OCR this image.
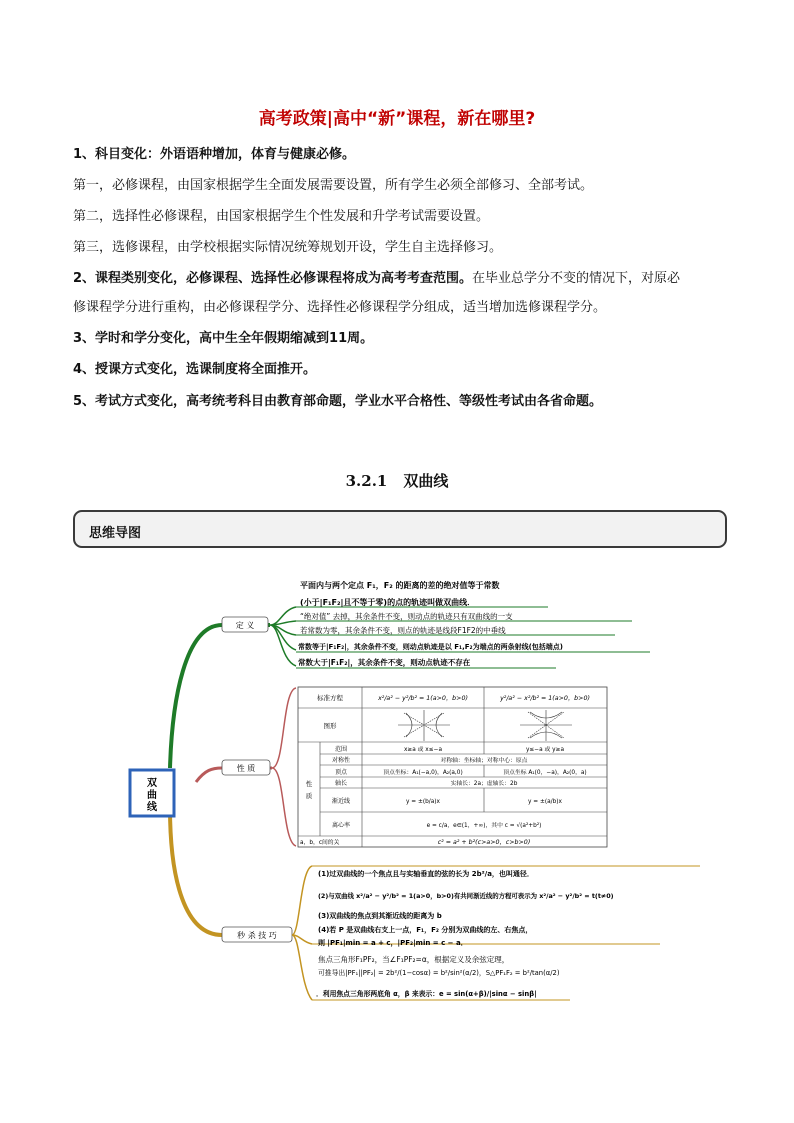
高考政策|高中“新”课程，新在哪里?
1、科目变化：外语语种增加，体育与健康必修。
第一，必修课程，由国家根据学生全面发展需要设置，所有学生必须全部修习、全部考试。
第二，选择性必修课程，由国家根据学生个性发展和升学考试需要设置。
第三，选修课程，由学校根据实际情况统筹规划开设，学生自主选择修习。
2、课程类别变化，必修课程、选择性必修课程将成为高考考查范围。在毕业总学分不变的情况下，对原必
修课程学分进行重构，由必修课程学分、选择性必修课程学分组成，适当增加选修课程学分。
3、学时和学分变化，高中生全年假期缩减到11周。
4、授课方式变化，选课制度将全面推开。
5、考试方式变化，高考统考科目由教育部命题，学业水平合格性、等级性考试由各省命题。
3.2.1 双曲线
思维导图
双
曲
线
定 义
平面内与两个定点 F₁，F₂ 的距离的差的绝对值等于常数
(小于|F₁F₂|且不等于零)的点的轨迹叫做双曲线．
“绝对值” 去掉，其余条件不变，则动点的轨迹只有双曲线的一支
若常数为零，其余条件不变，则点的轨迹是线段F1F2的中垂线
常数等于|F₁F₂|，其余条件不变，则动点轨迹是以 F₁,F₂为端点的两条射线(包括端点)
常数大于|F₁F₂|，其余条件不变，则动点轨迹不存在
性 质
标准方程	x²/a² − y²/b² = 1(a>0，b>0)	y²/a² − x²/b² = 1(a>0，b>0)
图形
性
质
范围	x≥a 或 x≤−a	y≤−a 或 y≥a
对称性	对称轴：坐标轴；对称中心：原点
顶点	顶点坐标：A₁(−a,0)，A₂(a,0)	顶点坐标 A₁(0，−a)，A₂(0，a)
轴长	实轴长：2a；虚轴长：2b
渐近线	y = ±(b/a)x	y = ±(a/b)x
离心率	e = c/a，e∈(1，+∞)，其中 c = √(a²+b²)
a，b，c间的关	c² = a² + b²(c>a>0，c>b>0)
秒 杀 技 巧
(1)过双曲线的一个焦点且与实轴垂直的弦的长为 2b²/a，也叫通径．
(2)与双曲线 x²/a² − y²/b² = 1(a>0，b>0)有共同渐近线的方程可表示为 x²/a² − y²/b² = t(t≠0)
(3)双曲线的焦点到其渐近线的距离为 b
(4)若 P 是双曲线右支上一点，F₁，F₂ 分别为双曲线的左、右焦点，
则 |PF₁|min = a + c，|PF₂|min = c − a．
焦点三角形F₁PF₂，当∠F₁PF₂=α，根据定义及余弦定理，
可推导出|PF₁||PF₂| = 2b²/(1−cosα) = b²/sin²(α/2)，S△PF₁F₂ = b²/tan(α/2)
．利用焦点三角形两底角 α，β 来表示：e = sin(α+β)/|sinα − sinβ|
